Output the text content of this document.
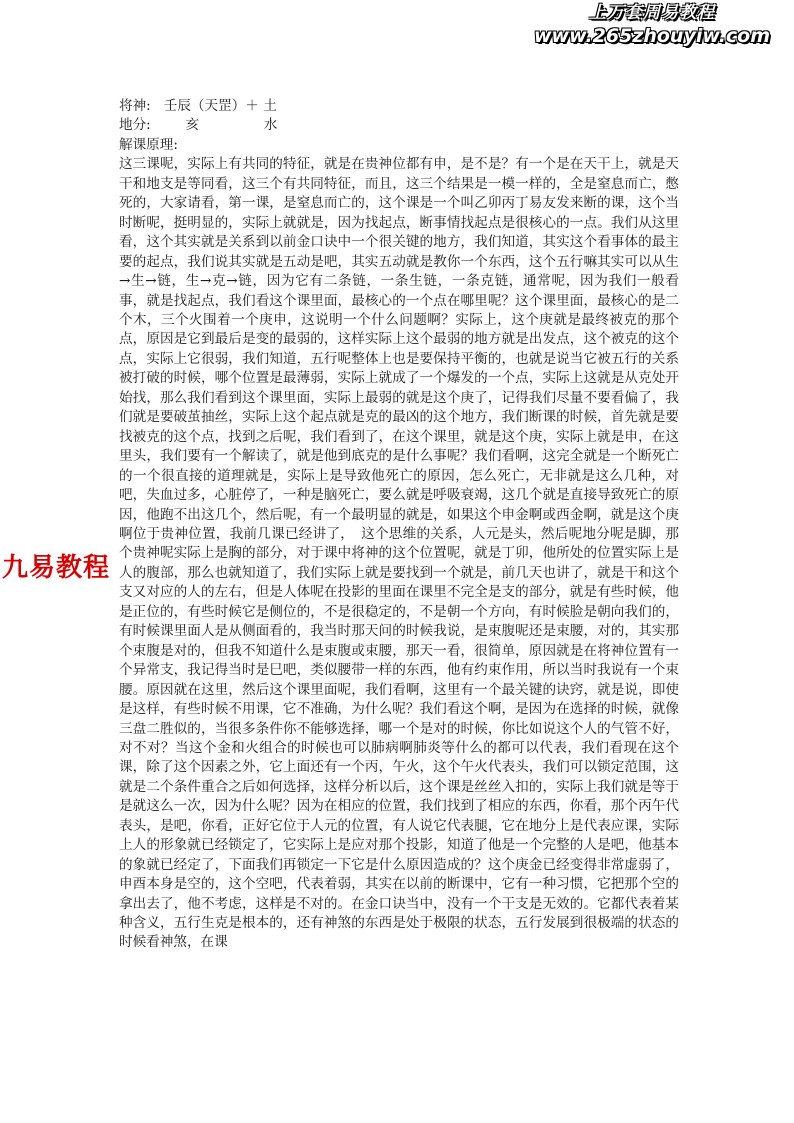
上万套周易教程
www.265zhouyiw.com
九易教程
将神:   壬辰（天罡）＋ 土
地分:        亥               水
解课原理:
这三课呢，实际上有共同的特征，就是在贵神位都有申，是不是？有一个是在天干上，就是天干和地支是等同看，这三个有共同特征，而且，这三个结果是一模一样的，全是窒息而亡，憋死的，大家请看，第一课，是窒息而亡的，这个课是一个叫乙卯丙丁易友发来断的课，这个当时断呢，挺明显的，实际上就就是，因为找起点，断事情找起点是很核心的一点。我们从这里看，这个其实就是关系到以前金口诀中一个很关键的地方，我们知道，其实这个看事体的最主要的起点，我们说其实就是五动是吧，其实五动就是教你一个东西，这个五行嘛其实可以从生→生→链，生→克→链，因为它有二条链，一条生链，一条克链，通常呢，因为我们一般看事，就是找起点，我们看这个课里面，最核心的一个点在哪里呢？这个课里面，最核心的是二个木，三个火围着一个庚申，这说明一个什么问题啊？实际上，这个庚就是最终被克的那个点，原因是它到最后是变的最弱的，这样实际上这个最弱的地方就是出发点，这个被克的这个点，实际上它很弱，我们知道，五行呢整体上也是要保持平衡的，也就是说当它被五行的关系被打破的时候，哪个位置是最薄弱，实际上就成了一个爆发的一个点，实际上这就是从克处开始找，那么我们看到这个课里面，实际上最弱的就是这个庚了，记得我们尽量不要看偏了，我们就是要破茧抽丝，实际上这个起点就是克的最凶的这个地方，我们断课的时候，首先就是要找被克的这个点，找到之后呢，我们看到了，在这个课里，就是这个庚，实际上就是申，在这里头，我们要有一个解读了，就是他到底克的是什么事呢？我们看啊，这完全就是一个断死亡的一个很直接的道理就是，实际上是导致他死亡的原因，怎么死亡，无非就是这么几种，对吧，失血过多，心脏停了，一种是脑死亡，要么就是呼吸衰竭，这几个就是直接导致死亡的原因，他跑不出这几个，然后呢，有一个最明显的就是，如果这个申金啊或西金啊，就是这个庚啊位于贵神位置，我前几课已经讲了，　这个思维的关系，人元是头，然后呢地分呢是脚，那个贵神呢实际上是胸的部分，对于课中将神的这个位置呢，就是丁卯，他所处的位置实际上是人的腹部，那么也就知道了，我们实际上就是要找到一个就是，前几天也讲了，就是干和这个支又对应的人的左右，但是人体呢在投影的里面在课里不完全是支的部分，就是有些时候，他是正位的，有些时候它是侧位的，不是很稳定的，不是朝一个方向，有时候脸是朝向我们的，有时候课里面人是从侧面看的，我当时那天问的时候我说，是束腹呢还是束腰，对的，其实那个束腹是对的，但我不知道什么是束腹或束腰，那天一看，很简单，原因就是在将神位置有一个异常支，我记得当时是巳吧，类似腰带一样的东西，他有约束作用，所以当时我说有一个束腰。原因就在这里，然后这个课里面呢，我们看啊，这里有一个最关键的诀窍，就是说，即使是这样，有些时候不用课，它不准确，为什么呢？我们看这个啊，是因为在选择的时候，就像三盘二胜似的，当很多条件你不能够选择，哪一个是对的时候，你比如说这个人的气管不好，对不对？当这个金和火组合的时候也可以肺病啊肺炎等什么的都可以代表，我们看现在这个课，除了这个因素之外，它上面还有一个丙，午火，这个午火代表头，我们可以锁定范围，这就是二个条件重合之后如何选择，这样分析以后，这个课是丝丝入扣的，实际上我们就是等于是就这么一次，因为什么呢？因为在相应的位置，我们找到了相应的东西，你看，那个丙午代表头，是吧，你看，正好它位于人元的位置，有人说它代表腿，它在地分上是代表应课，实际上人的形象就已经锁定了，它实际上是应对那个投影，知道了他是一个完整的人是吧，他基本的象就已经定了，下面我们再锁定一下它是什么原因造成的？这个庚金已经变得非常虚弱了，申酉本身是空的，这个空吧，代表着弱，其实在以前的断课中，它有一种习惯，它把那个空的拿出去了，他不考虑，这样是不对的。在金口诀当中，没有一个干支是无效的。它都代表着某种含义，五行生克是根本的，还有神煞的东西是处于极限的状态，五行发展到很极端的状态的时候看神煞，在课
